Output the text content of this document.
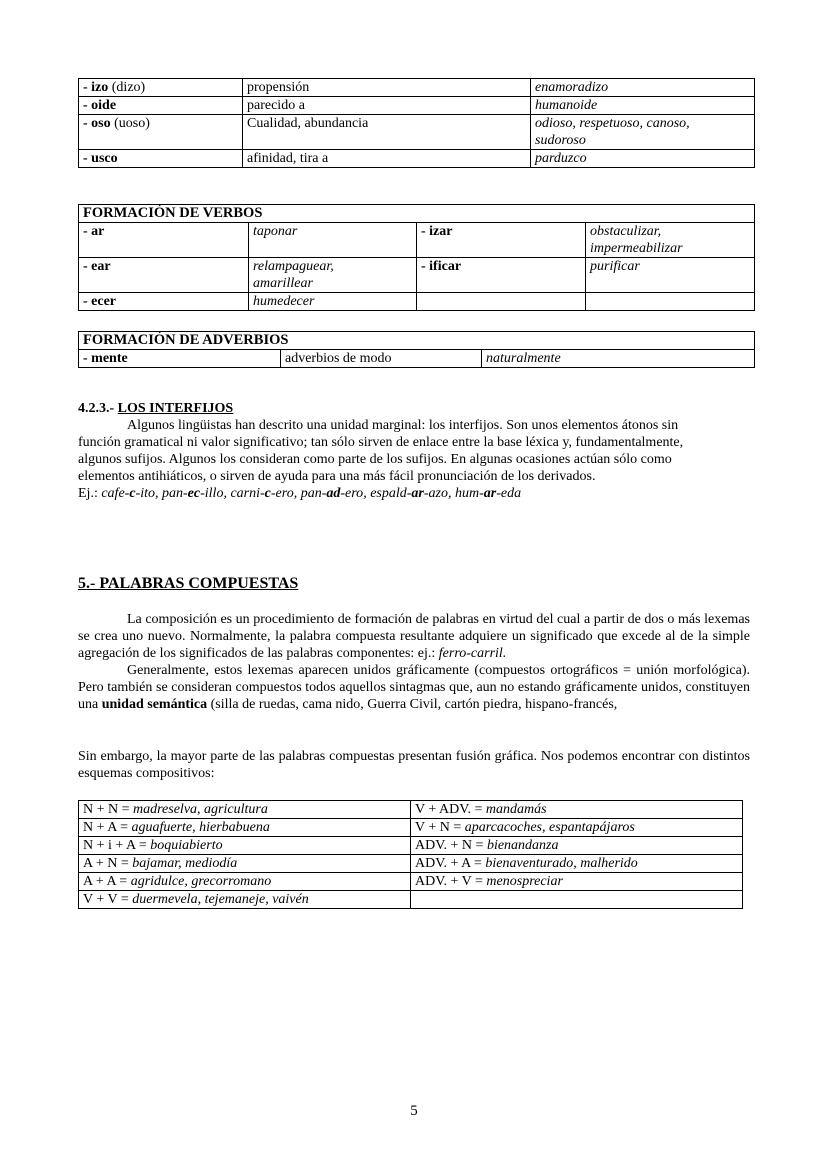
- izo (dizo)	propensión	enamoradizo
- oide	parecido a	humanoide
- oso (uoso)	Cualidad, abundancia	odioso, respetuoso, canoso,
sudoroso

- usco	afinidad, tira a	parduzco
FORMACIÓN DE VERBOS			
- ar	taponar	- izar	obstaculizar,
impermeabilizar

- ear	relampaguear,
amarillear	- ificar	purificar
- ecer	humedecer		
FORMACIÓN DE ADVERBIOS
- mente	adverbios de modo	naturalmente
4.2.3.- LOS INTERFIJOS

Algunos lingüistas han descrito una unidad marginal: los interfijos. Son unos elementos átonos sin

función gramatical ni valor significativo; tan sólo sirven de enlace entre la base léxica y, fundamentalmente,

algunos sufijos. Algunos los consideran como parte de los sufijos. En algunas ocasiones actúan sólo como

elementos antihiáticos, o sirven de ayuda para una más fácil pronunciación de los derivados.

Ej.: cafe-c-ito, pan-ec-illo, carni-c-ero, pan-ad-ero, espald-ar-azo, hum-ar-eda

5.- PALABRAS COMPUESTAS

La composición es un procedimiento de formación de palabras en virtud del cual a partir de dos o más lexemas se crea uno nuevo. Normalmente, la palabra compuesta resultante adquiere un significado que excede al de la simple agregación de los significados de las palabras componentes: ej.: ferro-carril.

Generalmente, estos lexemas aparecen unidos gráficamente (compuestos ortográficos = unión morfológica). Pero también se consideran compuestos todos aquellos sintagmas que, aun no estando gráficamente unidos, constituyen una unidad semántica (silla de ruedas, cama nido, Guerra Civil, cartón piedra, hispano-francés,

Sin embargo, la mayor parte de las palabras compuestas presentan fusión gráfica. Nos podemos encontrar con distintos esquemas compositivos:

N + N = madreselva, agricultura	V + ADV. = mandamás
N + A = aguafuerte, hierbabuena	V + N = aparcacoches, espantapájaros
N + i + A = boquiabierto	ADV. + N = bienandanza
A + N = bajamar, mediodía	ADV. + A = bienaventurado, malherido
A + A = agridulce, grecorromano	ADV. + V = menospreciar
V + V = duermevela, tejemaneje, vaivén	
5
